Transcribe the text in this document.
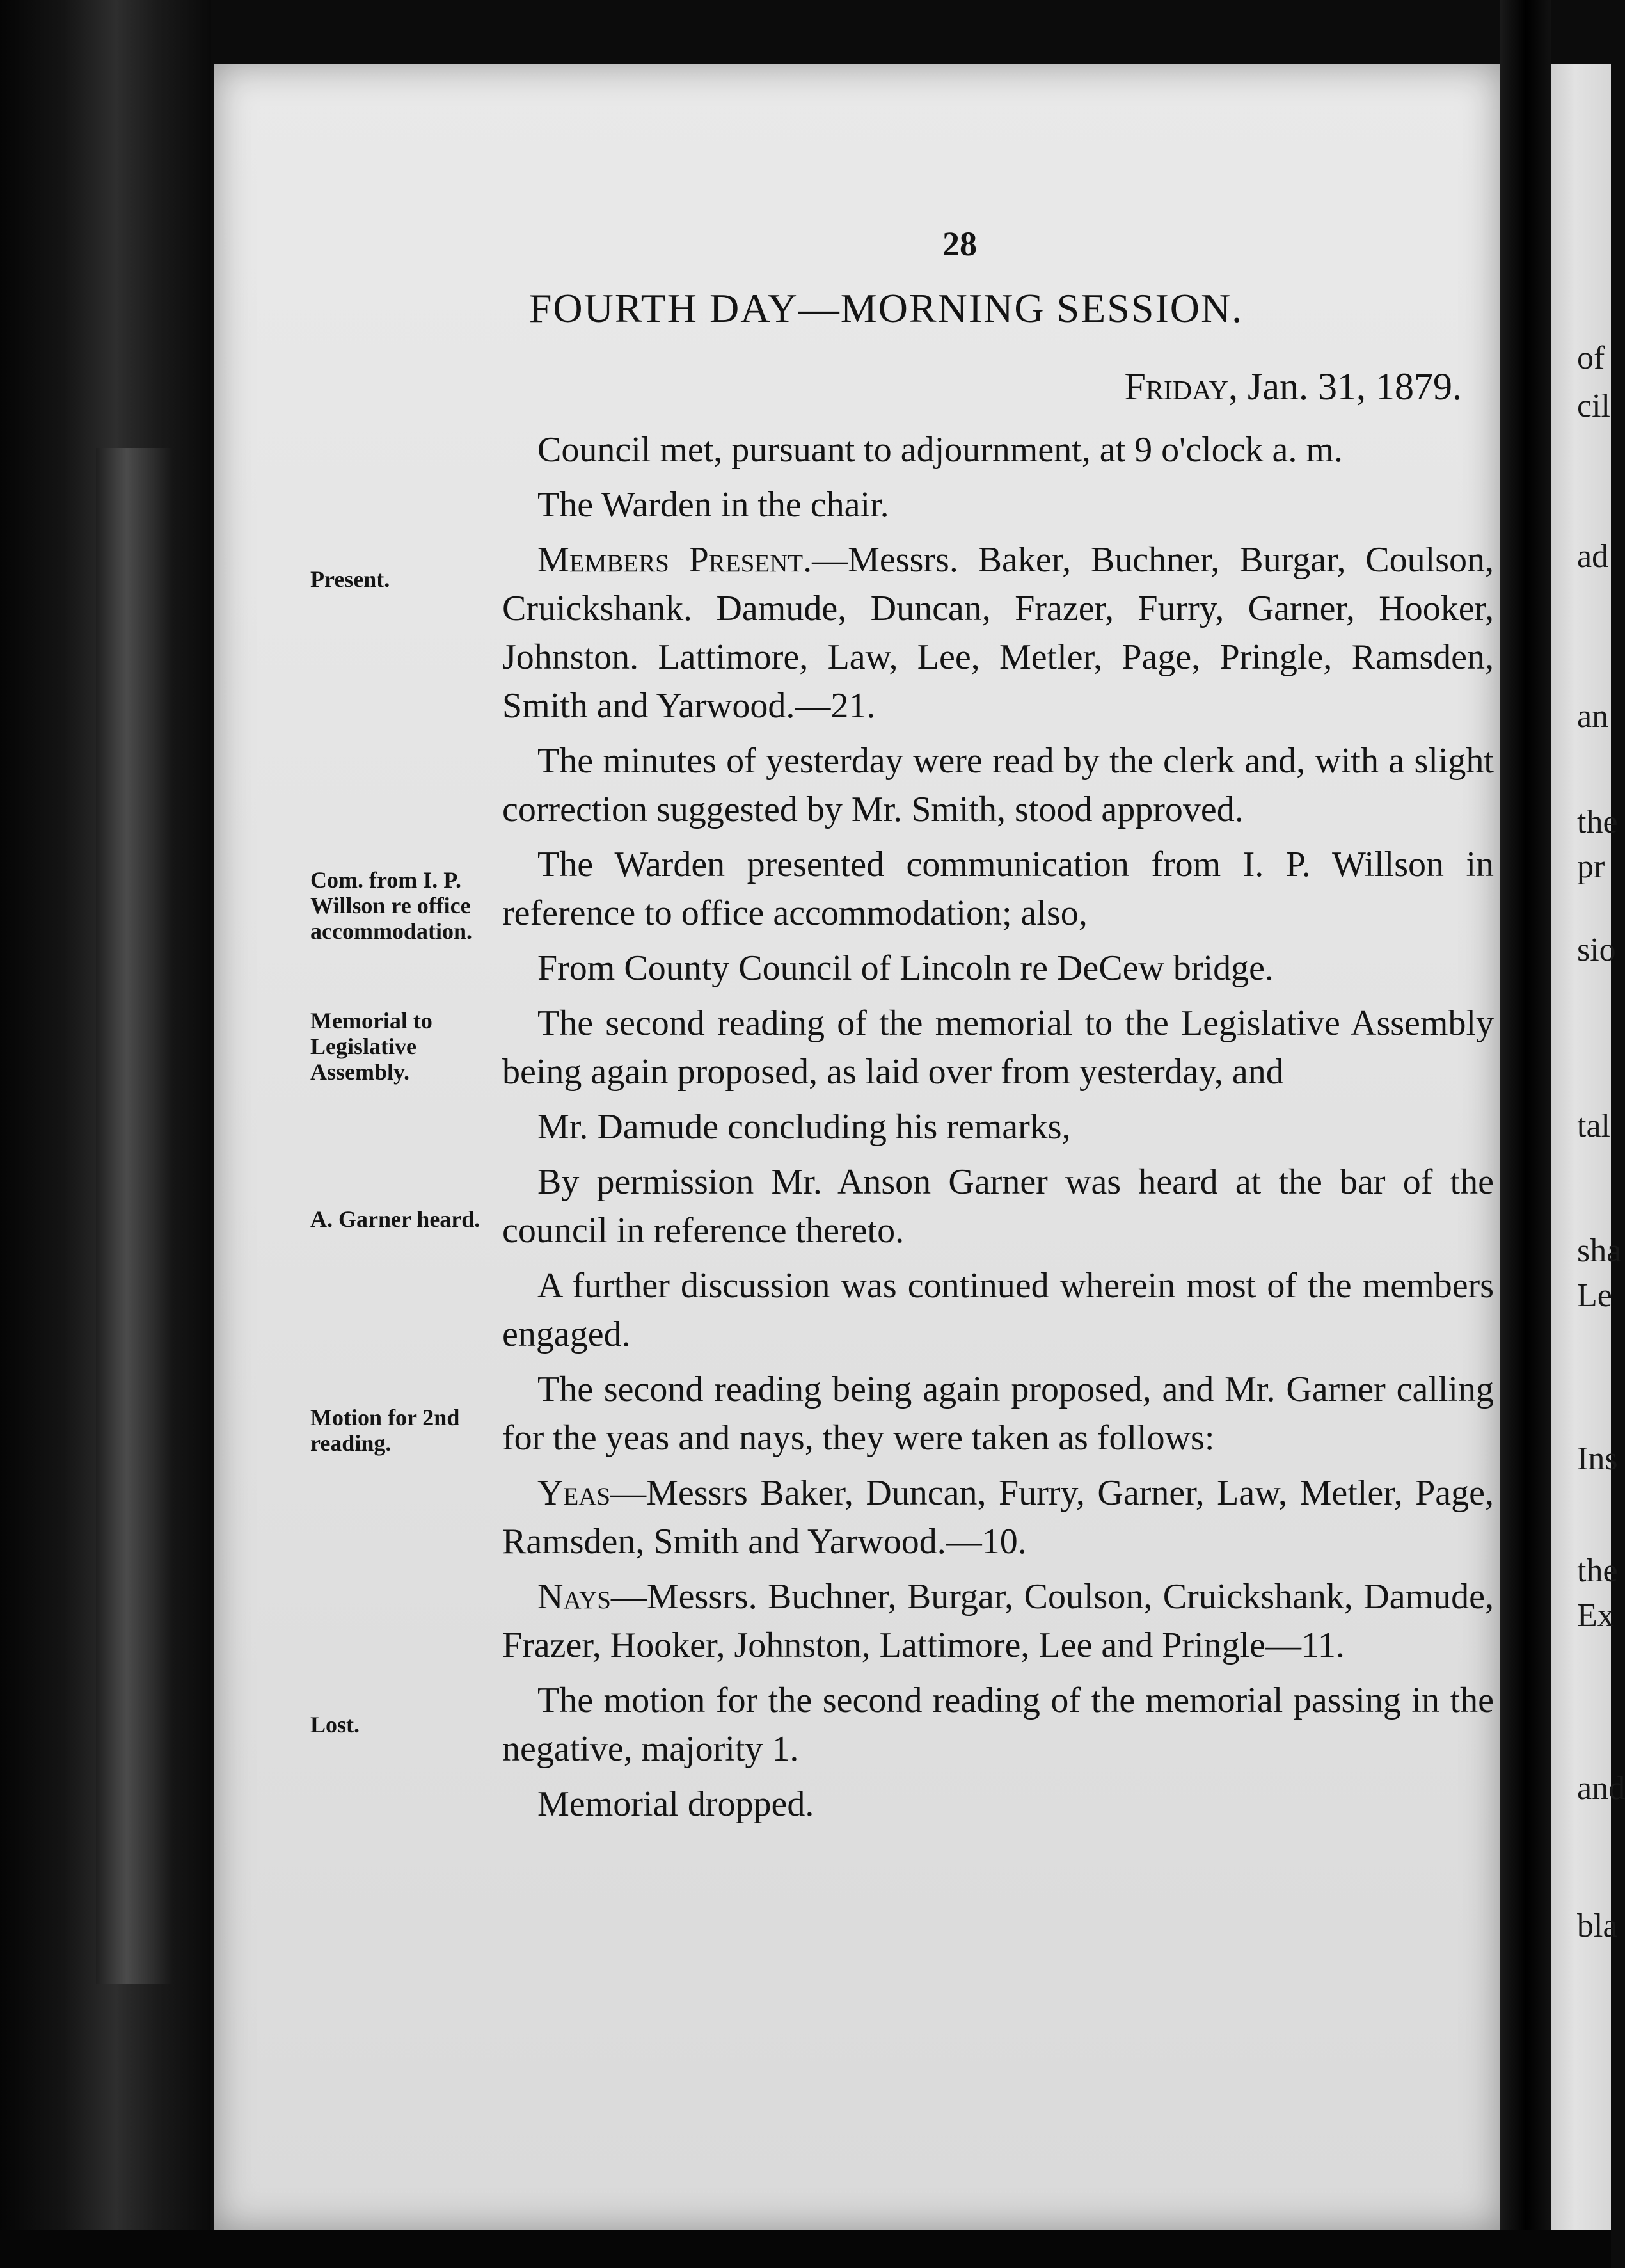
28
FOURTH DAY—MORNING SESSION.
Friday, Jan. 31, 1879.
Present.
Com. from I. P. Willson re office accommodation.
Memorial to Legislative Assembly.
A. Garner heard.
Motion for 2nd reading.
Lost.

Council met, pursuant to adjournment, at 9 o'clock a. m.

The Warden in the chair.

Members Present.—Messrs. Baker, Buchner, Burgar, Coulson, Cruickshank. Damude, Duncan, Frazer, Furry, Garner, Hooker, Johnston. Lattimore, Law, Lee, Metler, Page, Pringle, Ramsden, Smith and Yarwood.—21.

The minutes of yesterday were read by the clerk and, with a slight correction suggested by Mr. Smith, stood approved.

The Warden presented communication from I. P. Willson in reference to office accommodation; also,

From County Council of Lincoln re DeCew bridge.

The second reading of the memorial to the Legislative Assembly being again proposed, as laid over from yesterday, and

Mr. Damude concluding his remarks,

By permission Mr. Anson Garner was heard at the bar of the council in reference thereto.

A further discussion was continued wherein most of the members engaged.

The second reading being again proposed, and Mr. Garner calling for the yeas and nays, they were taken as follows:

Yeas—Messrs Baker, Duncan, Furry, Garner, Law, Metler, Page, Ramsden, Smith and Yarwood.—10.

Nays—Messrs. Buchner, Burgar, Coulson, Cruickshank, Damude, Frazer, Hooker, Johnston, Lattimore, Lee and Pringle—11.

The motion for the second reading of the memorial passing in the negative, majority 1.

Memorial dropped.

of
cil
ad
an
the
pr
sio
tal
sha
Le
Ins
the
Ex
and
bla
